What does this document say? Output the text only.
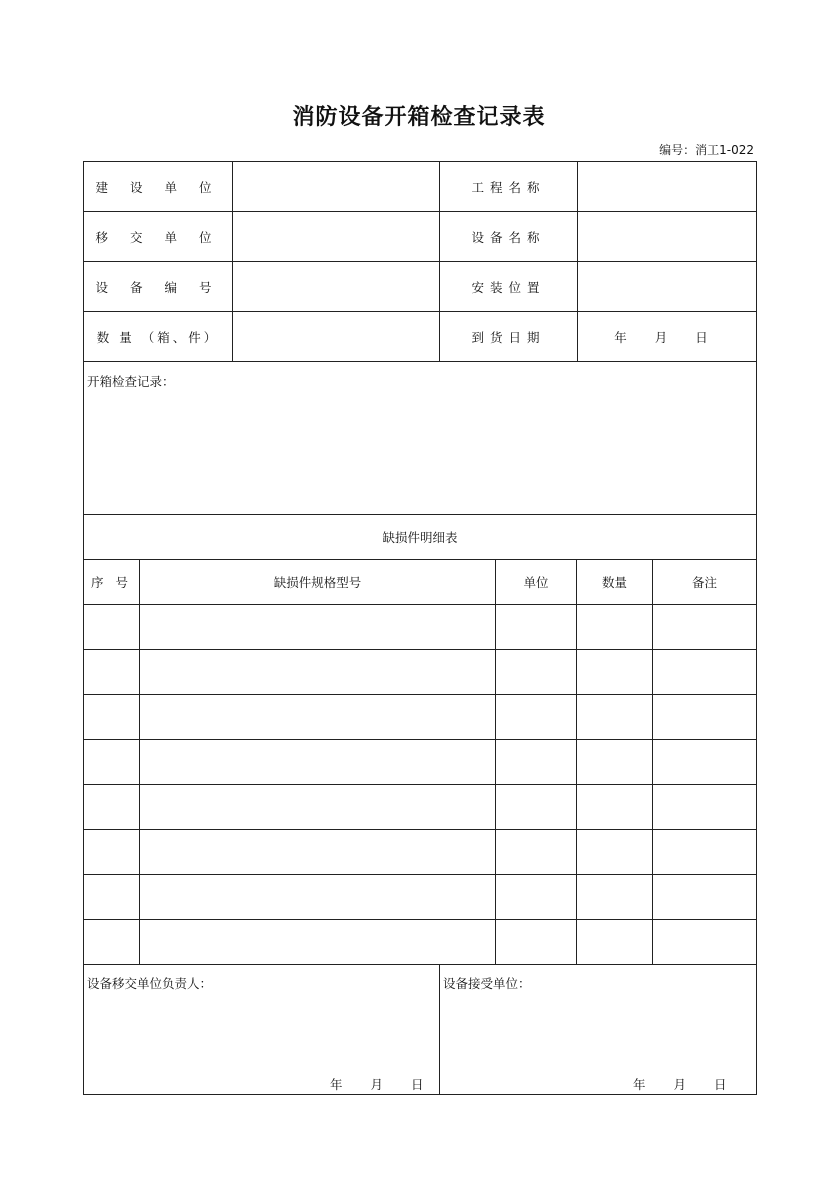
消防设备开箱检查记录表
编号：消工1-022
建 设 单 位	工程名称
移 交 单 位	设备名称
设 备 编 号	安装位置
数 量 （箱、件）	到货日期	年 月 日
开箱检查记录：
缺损件明细表
序 号	缺损件规格型号	单位	数量	备注
设备移交单位负责人：	设备接受单位：
年 月 日	年 月 日
